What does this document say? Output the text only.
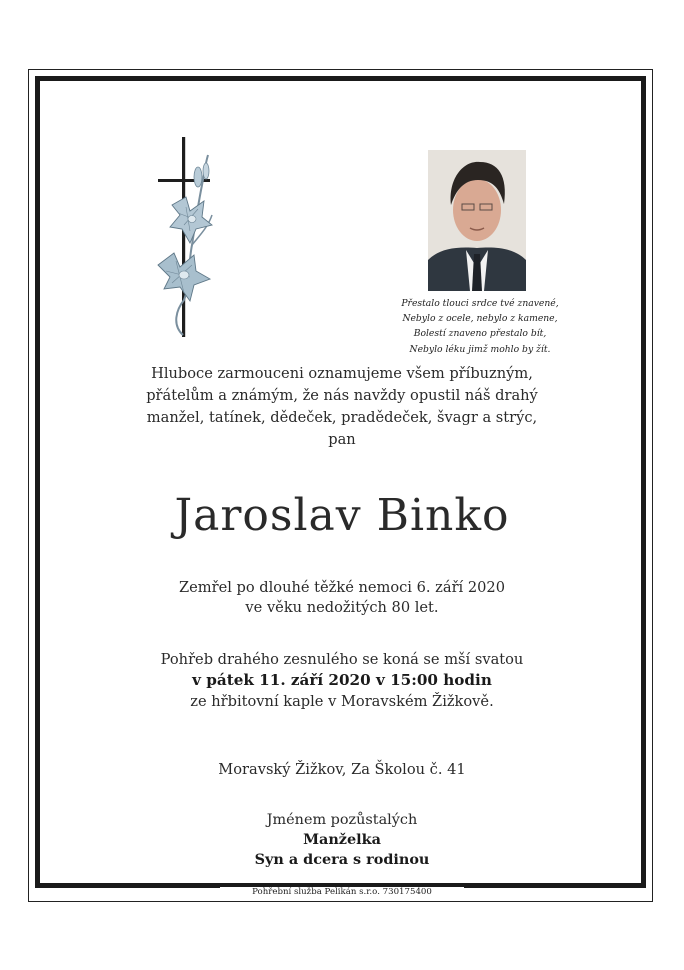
Přestalo tlouci srdce tvé znavené,
Nebylo z ocele, nebylo z kamene,
Bolestí znaveno přestalo bít,
Nebylo léku jimž mohlo by žít.
Hluboce zarmouceni oznamujeme všem příbuzným,
přátelům a známým, že nás navždy opustil náš drahý
manžel, tatínek, dědeček, pradědeček, švagr a strýc,
pan
Jaroslav Binko
Zemřel po dlouhé těžké nemoci 6. září 2020
ve věku nedožitých 80 let.
Pohřeb drahého zesnulého se koná se mší svatou
v pátek 11. září 2020 v 15:00 hodin
ze hřbitovní kaple v Moravském Žižkově.
Moravský Žižkov, Za Školou č. 41
Jménem pozůstalých
Manželka
Syn a dcera s rodinou
Pohřební služba Pelikán s.r.o. 730175400
